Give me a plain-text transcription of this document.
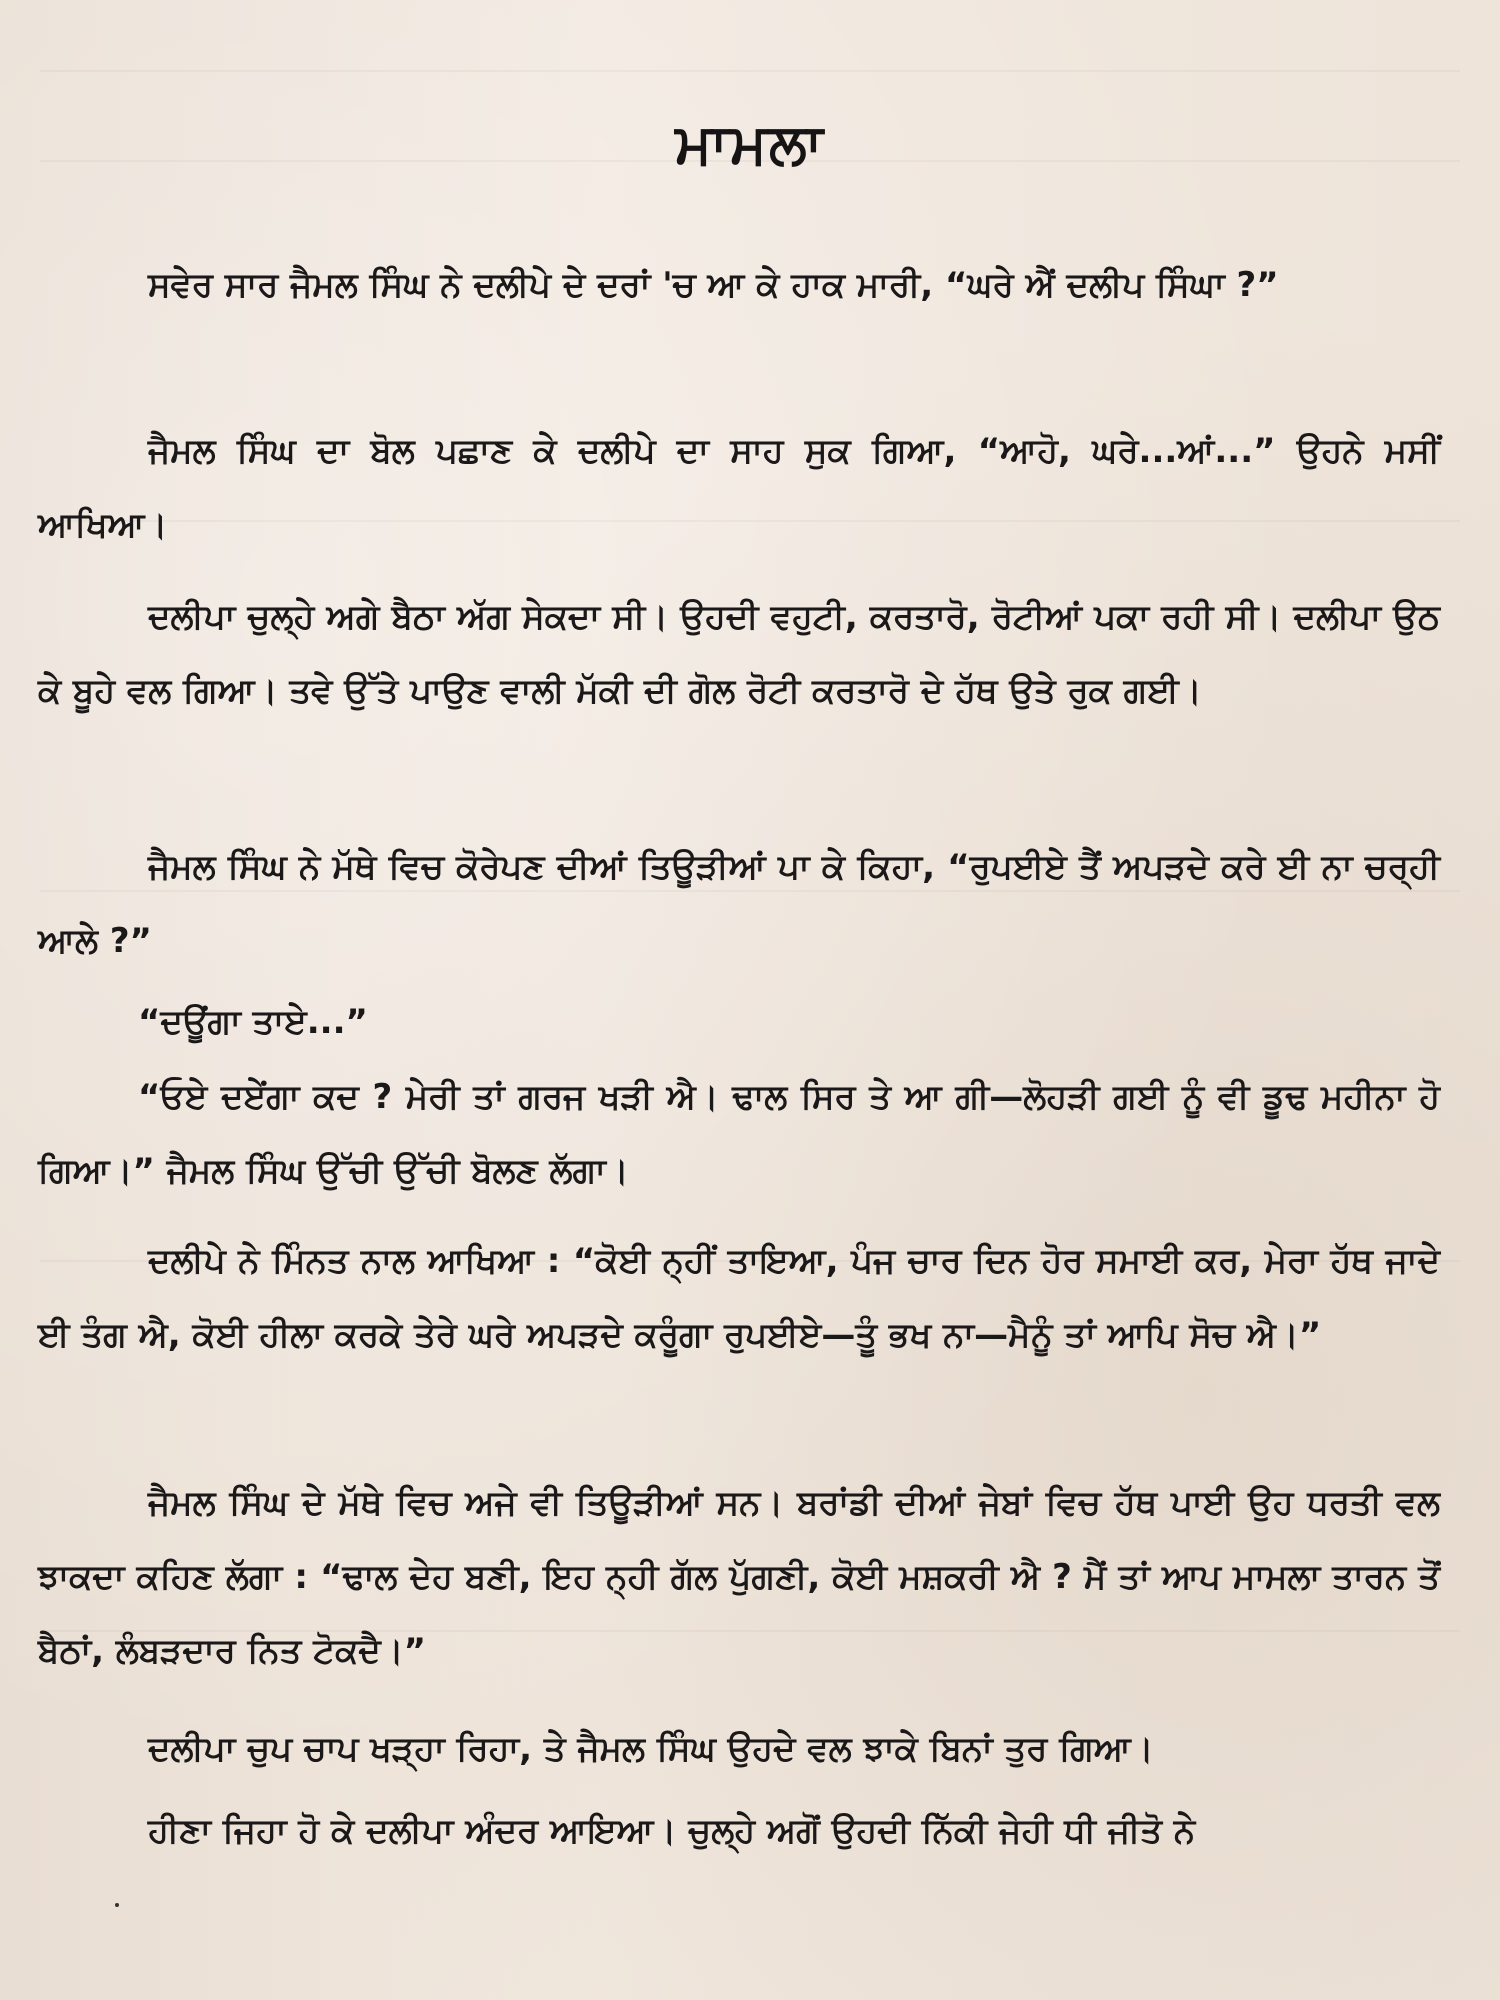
ਮਾਮਲਾ

ਸਵੇਰ ਸਾਰ ਜੈਮਲ ਸਿੰਘ ਨੇ ਦਲੀਪੇ ਦੇ ਦਰਾਂ 'ਚ ਆ ਕੇ ਹਾਕ ਮਾਰੀ, “ਘਰੇ ਐਂ ਦਲੀਪ ਸਿੰਘਾ ?”

ਜੈਮਲ ਸਿੰਘ ਦਾ ਬੋਲ ਪਛਾਣ ਕੇ ਦਲੀਪੇ ਦਾ ਸਾਹ ਸੁਕ ਗਿਆ, “ਆਹੋ, ਘਰੇ...ਆਂ...” ਉਹਨੇ ਮਸੀਂ ਆਖਿਆ।

ਦਲੀਪਾ ਚੁਲ੍ਹੇ ਅਗੇ ਬੈਠਾ ਅੱਗ ਸੇਕਦਾ ਸੀ। ਉਹਦੀ ਵਹੁਟੀ, ਕਰਤਾਰੋ, ਰੋਟੀਆਂ ਪਕਾ ਰਹੀ ਸੀ। ਦਲੀਪਾ ਉਠ ਕੇ ਬੂਹੇ ਵਲ ਗਿਆ। ਤਵੇ ਉੱਤੇ ਪਾਉਣ ਵਾਲੀ ਮੱਕੀ ਦੀ ਗੋਲ ਰੋਟੀ ਕਰਤਾਰੋ ਦੇ ਹੱਥ ਉਤੇ ਰੁਕ ਗਈ।

ਜੈਮਲ ਸਿੰਘ ਨੇ ਮੱਥੇ ਵਿਚ ਕੋਰੇਪਣ ਦੀਆਂ ਤਿਊੜੀਆਂ ਪਾ ਕੇ ਕਿਹਾ, “ਰੁਪਈਏ ਤੈਂ ਅਪੜਦੇ ਕਰੇ ਈ ਨਾ ਚਰ੍ਹੀ ਆਲੇ ?”

“ਦਊਂਗਾ ਤਾਏ...”

“ਓਏ ਦਏਂਗਾ ਕਦ ? ਮੇਰੀ ਤਾਂ ਗਰਜ ਖੜੀ ਐ। ਢਾਲ ਸਿਰ ਤੇ ਆ ਗੀ—ਲੋਹੜੀ ਗਈ ਨੂੰ ਵੀ ਡੂਢ ਮਹੀਨਾ ਹੋ ਗਿਆ।” ਜੈਮਲ ਸਿੰਘ ਉੱਚੀ ਉੱਚੀ ਬੋਲਣ ਲੱਗਾ।

ਦਲੀਪੇ ਨੇ ਮਿੰਨਤ ਨਾਲ ਆਖਿਆ : “ਕੋਈ ਨ੍ਹੀਂ ਤਾਇਆ, ਪੰਜ ਚਾਰ ਦਿਨ ਹੋਰ ਸਮਾਈ ਕਰ, ਮੇਰਾ ਹੱਥ ਜਾਦੇ ਈ ਤੰਗ ਐ, ਕੋਈ ਹੀਲਾ ਕਰਕੇ ਤੇਰੇ ਘਰੇ ਅਪੜਦੇ ਕਰੂੰਗਾ ਰੁਪਈਏ—ਤੂੰ ਭਖ ਨਾ—ਮੈਨੂੰ ਤਾਂ ਆਪਿ ਸੋਚ ਐ।”

ਜੈਮਲ ਸਿੰਘ ਦੇ ਮੱਥੇ ਵਿਚ ਅਜੇ ਵੀ ਤਿਊੜੀਆਂ ਸਨ। ਬਰਾਂਡੀ ਦੀਆਂ ਜੇਬਾਂ ਵਿਚ ਹੱਥ ਪਾਈ ਉਹ ਧਰਤੀ ਵਲ ਝਾਕਦਾ ਕਹਿਣ ਲੱਗਾ : “ਢਾਲ ਦੇਹ ਬਣੀ, ਇਹ ਨ੍ਹੀ ਗੱਲ ਪੁੱਗਣੀ, ਕੋਈ ਮਸ਼ਕਰੀ ਐ ? ਮੈਂ ਤਾਂ ਆਪ ਮਾਮਲਾ ਤਾਰਨ ਤੋਂ ਬੈਠਾਂ, ਲੰਬੜਦਾਰ ਨਿਤ ਟੋਕਦੈ।”

ਦਲੀਪਾ ਚੁਪ ਚਾਪ ਖੜ੍ਹਾ ਰਿਹਾ, ਤੇ ਜੈਮਲ ਸਿੰਘ ਉਹਦੇ ਵਲ ਝਾਕੇ ਬਿਨਾਂ ਤੁਰ ਗਿਆ।

ਹੀਣਾ ਜਿਹਾ ਹੋ ਕੇ ਦਲੀਪਾ ਅੰਦਰ ਆਇਆ। ਚੁਲ੍ਹੇ ਅਗੋਂ ਉਹਦੀ ਨਿੱਕੀ ਜੇਹੀ ਧੀ ਜੀਤੋ ਨੇ
